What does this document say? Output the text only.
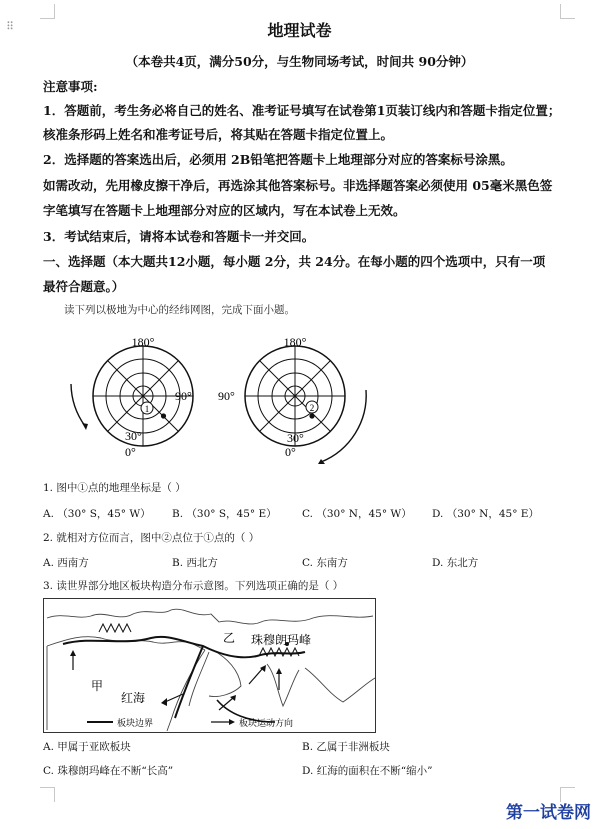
⠿	地理试卷
（本卷共4页，满分50分，与生物同场考试，时间共 90分钟）
注意事项:
1．答题前，考生务必将自己的姓名、准考证号填写在试卷第1页装订线内和答题卡指定位置；
核准条形码上姓名和准考证号后，将其贴在答题卡指定位置上。
2．选择题的答案选出后，必须用 2B铅笔把答题卡上地理部分对应的答案标号涂黑。
如需改动，先用橡皮擦干净后，再选涂其他答案标号。非选择题答案必须使用 05毫米黑色签
字笔填写在答题卡上地理部分对应的区域内，写在本试卷上无效。
3．考试结束后，请将本试卷和答题卡一并交回。
一、选择题（本大题共12小题，每小题 2分，共 24分。在每小题的四个选项中，只有一项
最符合题意。）
读下列以极地为中心的经纬网图，完成下面小题。
180°
90°
0°
30°
1
180°
90°
0°
30°
2
1. 图中①点的地理坐标是（ ）
A. （30° S，45° W） B. （30° S，45° E） C. （30° N，45° W） D. （30° N，45° E）
2. 就相对方位而言，图中②点位于①点的（ ）
A. 西南方	B. 西北方	C. 东南方	D. 东北方
3. 读世界部分地区板块构造分布示意图。下列选项正确的是（ ）
板块边界	板块运动方向
甲
乙
红海
珠穆朗玛峰
A. 甲属于亚欧板块	B. 乙属于非洲板块
C. 珠穆朗玛峰在不断“长高”	D. 红海的面积在不断“缩小”
第一试卷网
